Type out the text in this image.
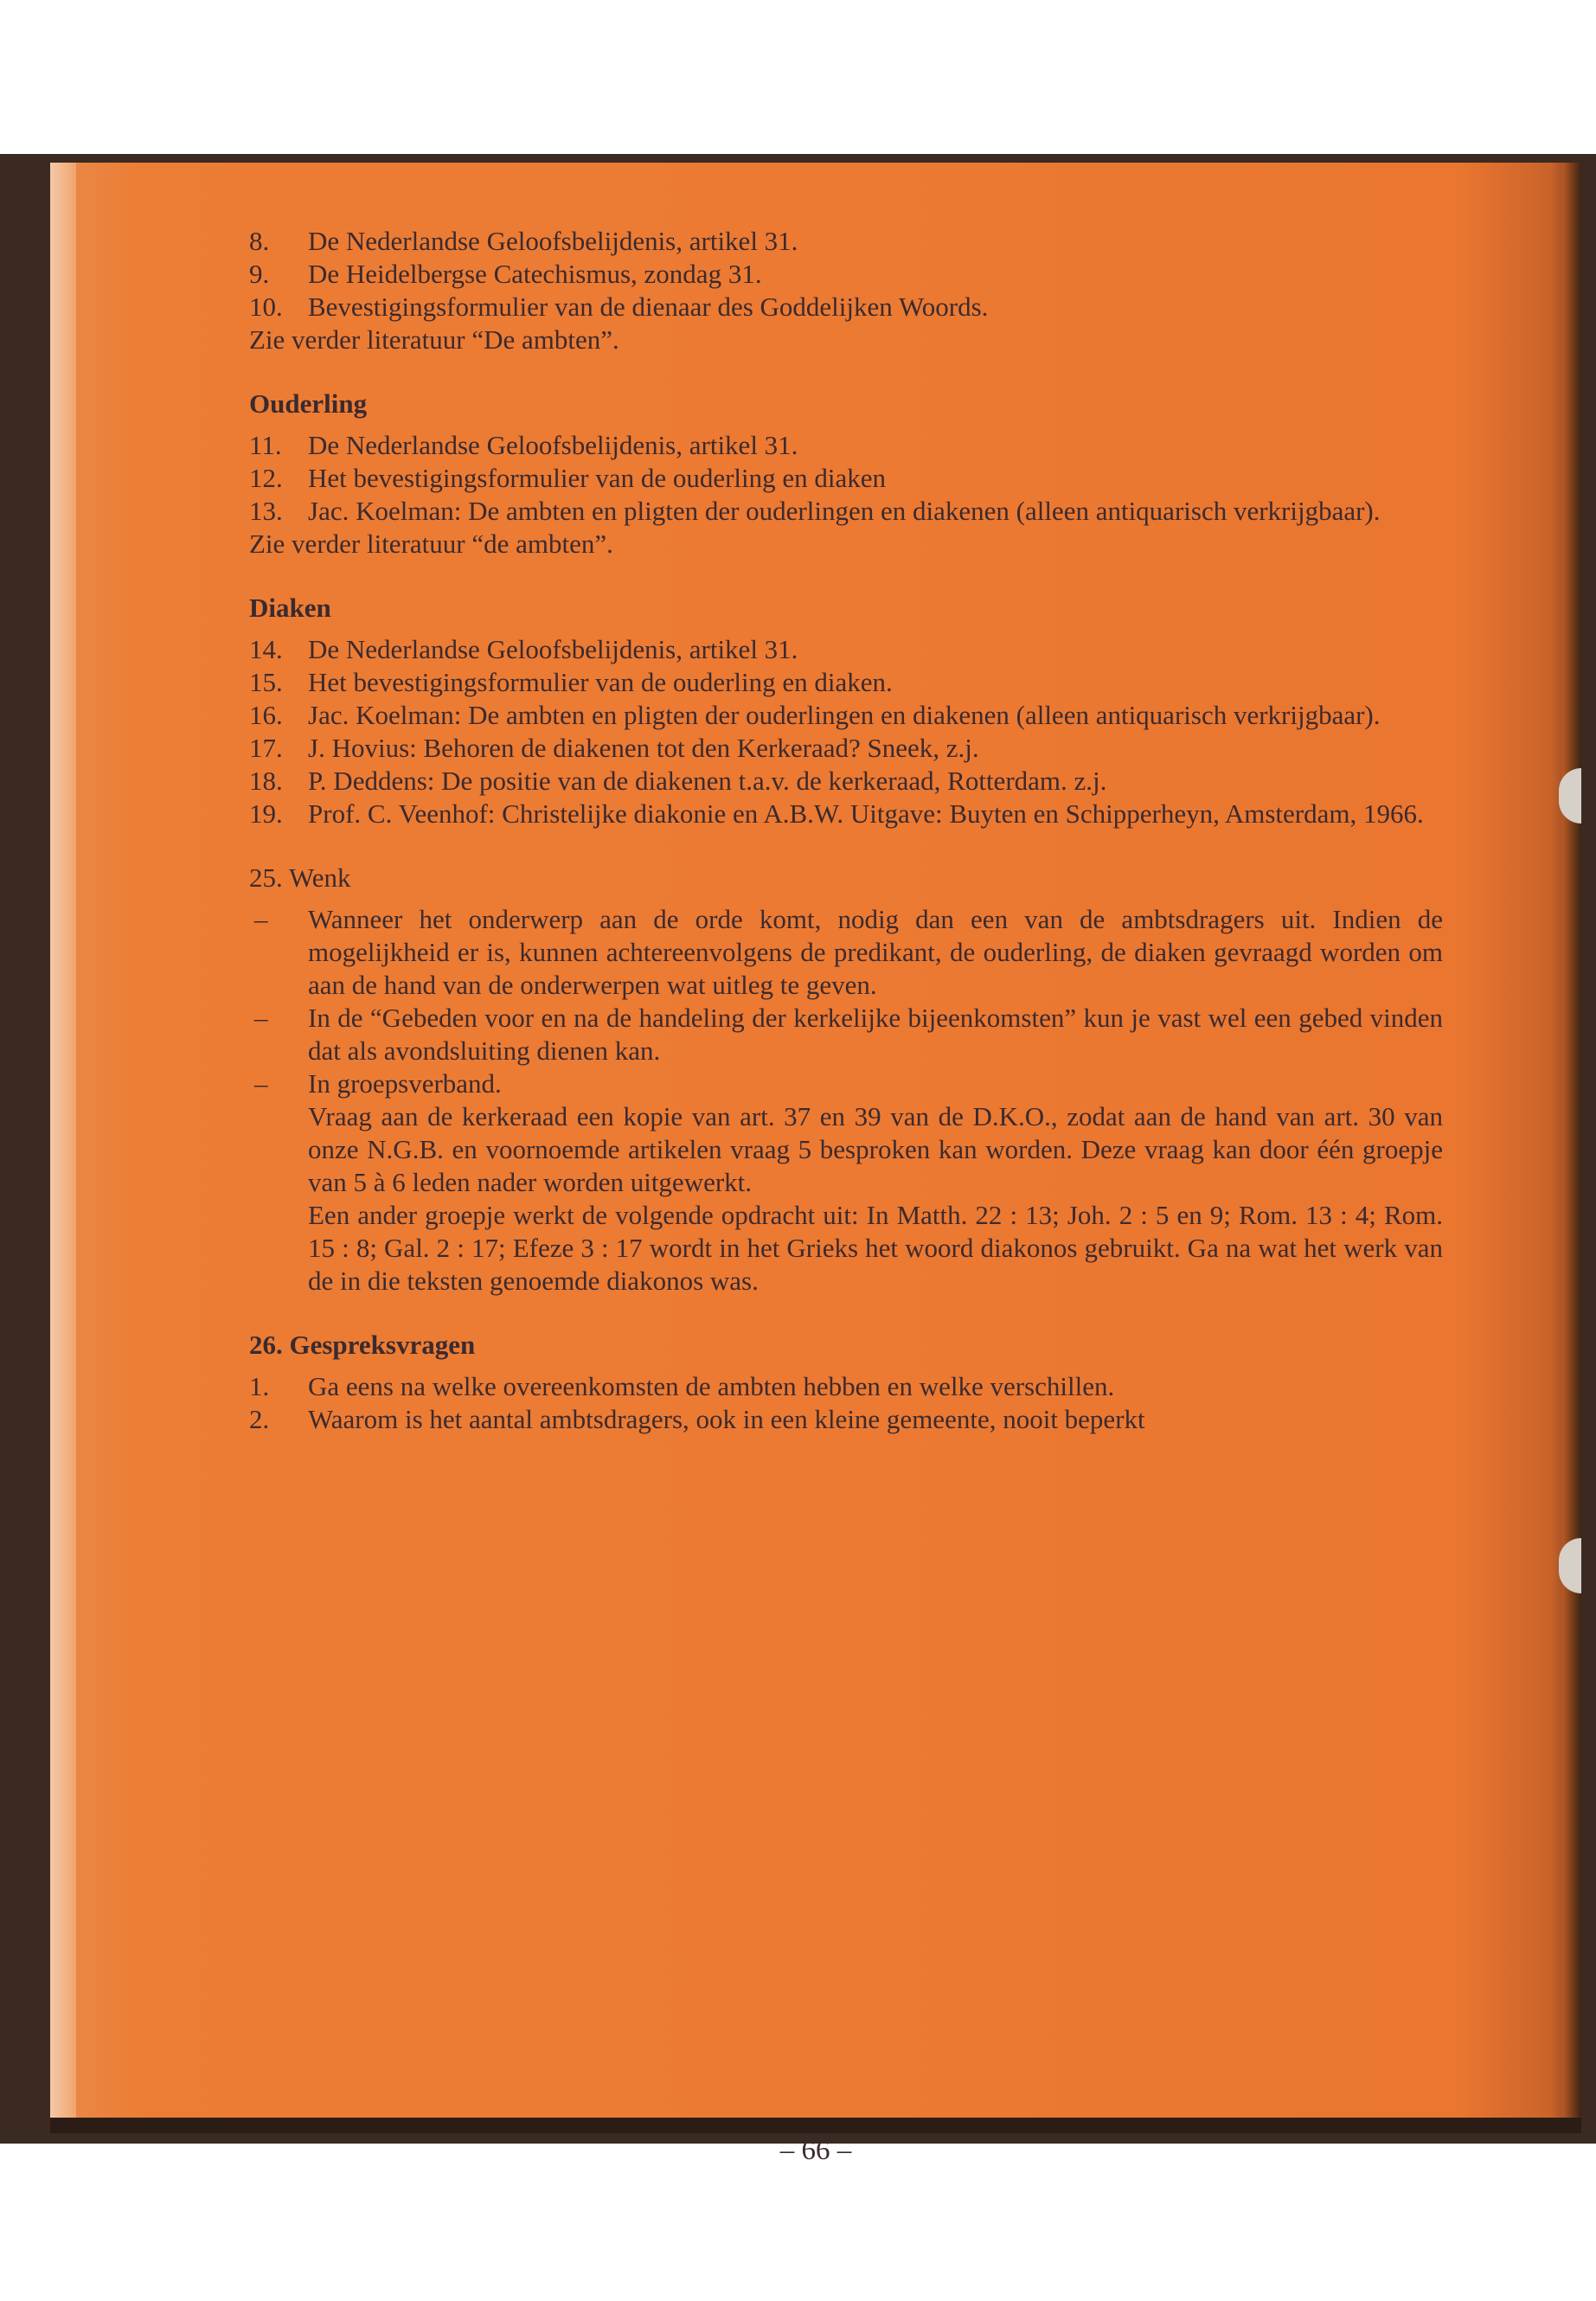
– 66 –
8.	De Nederlandse Geloofsbelijdenis, artikel 31.
9.	De Heidelbergse Catechismus, zondag 31.
10. Bevestigingsformulier van de dienaar des Goddelijken Woords.
Zie verder literatuur “De ambten”.
Ouderling
11. De Nederlandse Geloofsbelijdenis, artikel 31.
12. Het bevestigingsformulier van de ouderling en diaken
13. Jac. Koelman: De ambten en pligten der ouderlingen en diakenen (alleen antiquarisch verkrijgbaar).
Zie verder literatuur “de ambten”.
Diaken
14. De Nederlandse Geloofsbelijdenis, artikel 31.
15. Het bevestigingsformulier van de ouderling en diaken.
16. Jac. Koelman: De ambten en pligten der ouderlingen en diakenen (alleen antiquarisch verkrijgbaar).
17. J. Hovius: Behoren de diakenen tot den Kerkeraad? Sneek, z.j.
18. P. Deddens: De positie van de diakenen t.a.v. de kerkeraad, Rotterdam. z.j.
19. Prof. C. Veenhof: Christelijke diakonie en A.B.W. Uitgave: Buyten en Schipperheyn, Amsterdam, 1966.
25. Wenk
–	Wanneer het onderwerp aan de orde komt, nodig dan een van de ambtsdragers uit. Indien de mogelijkheid er is, kunnen achtereenvolgens de predikant, de ouderling, de diaken gevraagd worden om aan de hand van de onderwerpen wat uitleg te geven.
–	In de “Gebeden voor en na de handeling der kerkelijke bijeenkomsten” kun je vast wel een gebed vinden dat als avondsluiting dienen kan.
–	In groepsverband.
Vraag aan de kerkeraad een kopie van art. 37 en 39 van de D.K.O., zodat aan de hand van art. 30 van onze N.G.B. en voornoemde artikelen vraag 5 besproken kan worden. Deze vraag kan door één groepje van 5 à 6 leden nader worden uitgewerkt.
Een ander groepje werkt de volgende opdracht uit: In Matth. 22 : 13; Joh. 2 : 5 en 9; Rom. 13 : 4; Rom. 15 : 8; Gal. 2 : 17; Efeze 3 : 17 wordt in het Grieks het woord diakonos gebruikt. Ga na wat het werk van de in die teksten genoemde diakonos was.
26. Gespreksvragen
1.	Ga eens na welke overeenkomsten de ambten hebben en welke verschillen.
2.	Waarom is het aantal ambtsdragers, ook in een kleine gemeente, nooit beperkt
